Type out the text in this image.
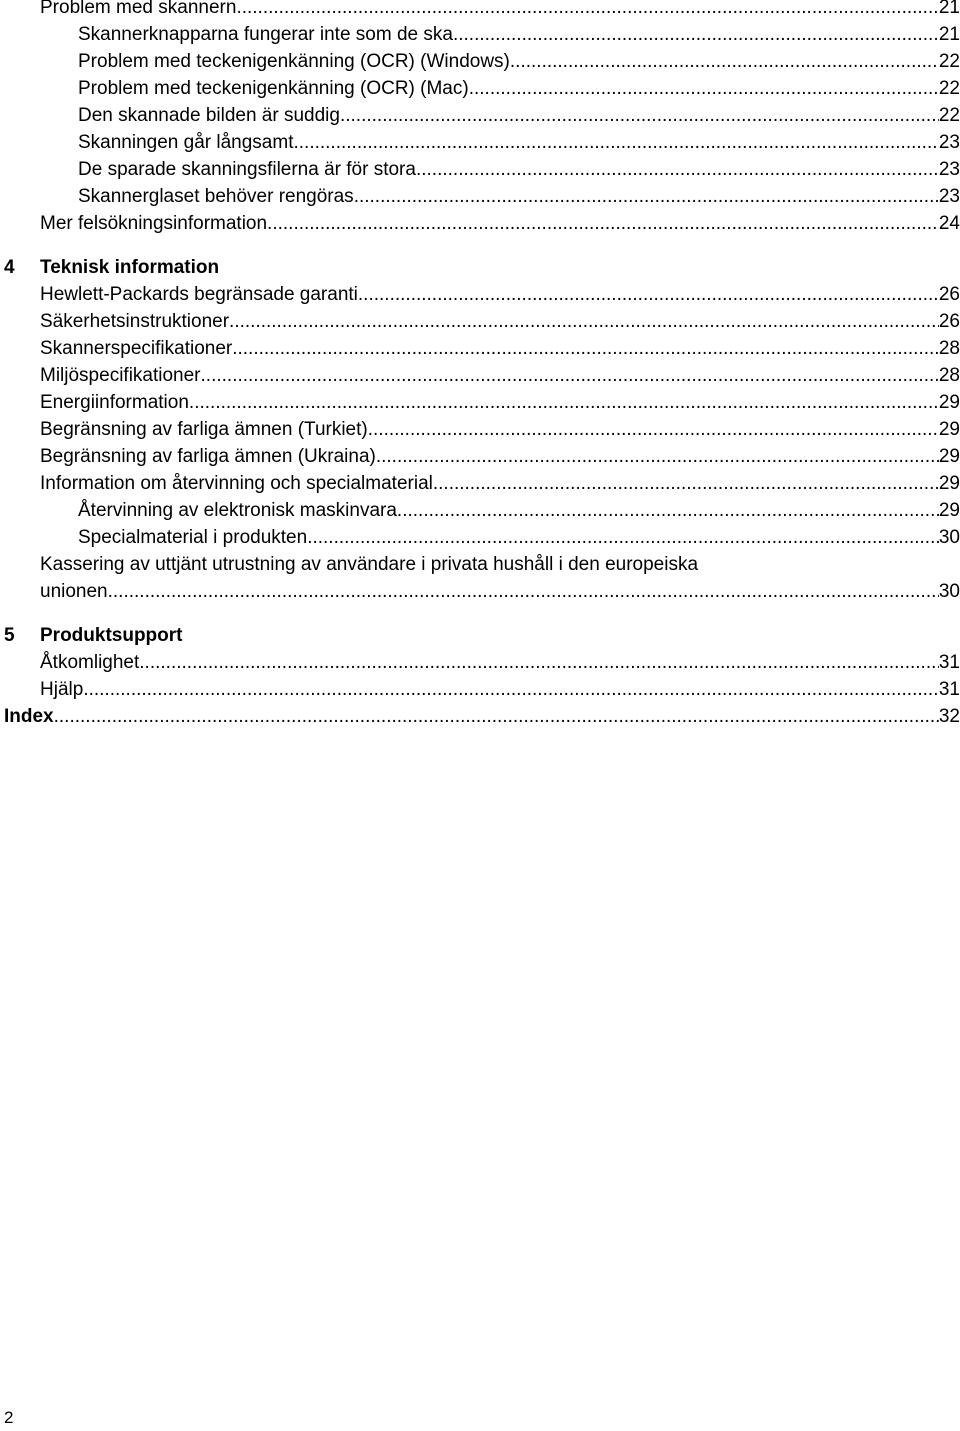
Problem med skannern .....	21
Skannerknapparna fungerar inte som de ska .....	21
Problem med teckenigenkänning (OCR) (Windows) .....	22
Problem med teckenigenkänning (OCR) (Mac) .....	22
Den skannade bilden är suddig .....	22
Skanningen går långsamt .....	23
De sparade skanningsfilerna är för stora .....	23
Skannerglaset behöver rengöras .....	23
Mer felsökningsinformation .....	24
4 Teknisk information
Hewlett-Packards begränsade garanti .....	26
Säkerhetsinstruktioner .....	26
Skannerspecifikationer .....	28
Miljöspecifikationer .....	28
Energiinformation .....	29
Begränsning av farliga ämnen (Turkiet) .....	29
Begränsning av farliga ämnen (Ukraina) .....	29
Information om återvinning och specialmaterial .....	29
Återvinning av elektronisk maskinvara .....	29
Specialmaterial i produkten .....	30
Kassering av uttjänt utrustning av användare i privata hushåll i den europeiska
unionen .....	30
5 Produktsupport
Åtkomlighet .....	31
Hjälp .....	31
Index .....	32
2
